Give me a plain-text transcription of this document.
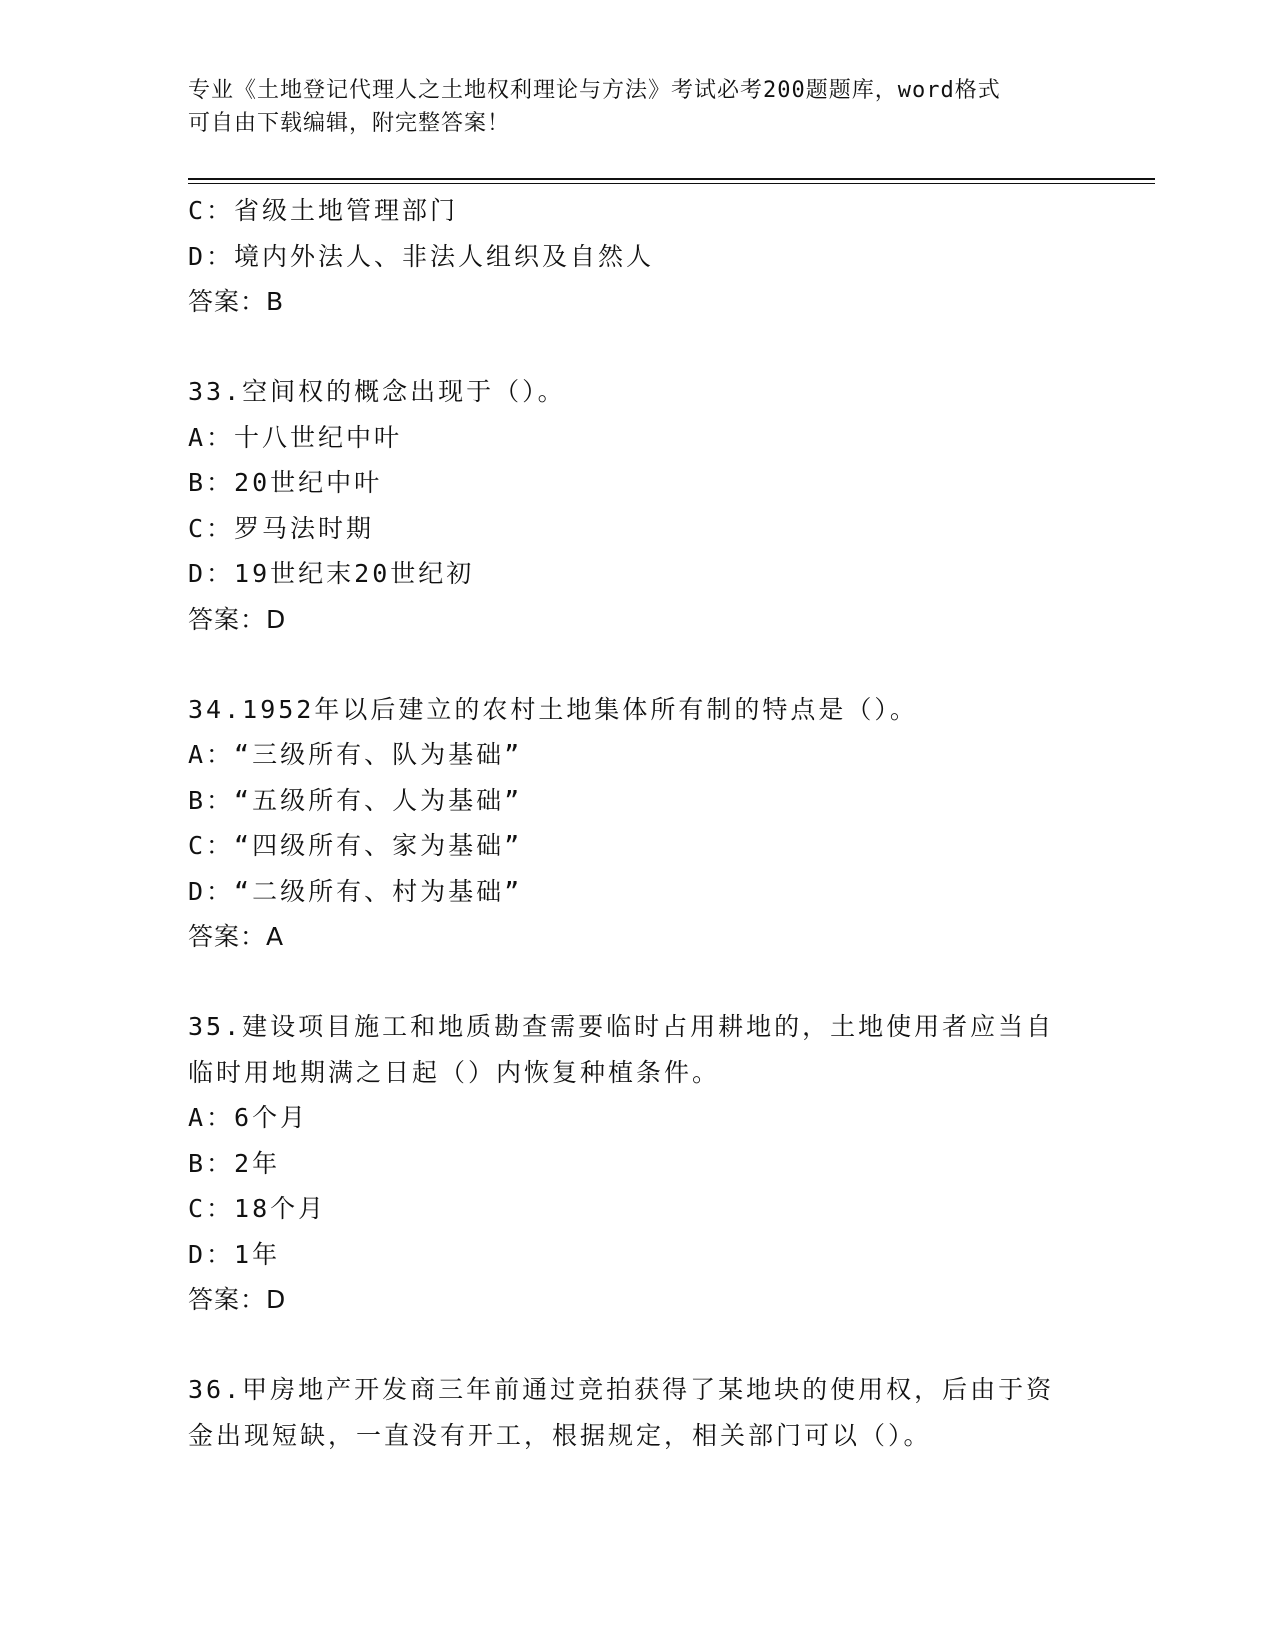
专业《土地登记代理人之土地权利理论与方法》考试必考200题题库，word格式
可自由下载编辑，附完整答案！
C：省级土地管理部门
D：境内外法人、非法人组织及自然人
答案：B
33.空间权的概念出现于（）。
A：十八世纪中叶
B：20世纪中叶
C：罗马法时期
D：19世纪末20世纪初
答案：D
34.1952年以后建立的农村土地集体所有制的特点是（）。
A：“三级所有、队为基础”
B：“五级所有、人为基础”
C：“四级所有、家为基础”
D：“二级所有、村为基础”
答案：A
35.建设项目施工和地质勘查需要临时占用耕地的，土地使用者应当自
临时用地期满之日起（）内恢复种植条件。
A：6个月
B：2年
C：18个月
D：1年
答案：D
36.甲房地产开发商三年前通过竞拍获得了某地块的使用权，后由于资
金出现短缺，一直没有开工，根据规定，相关部门可以（）。
